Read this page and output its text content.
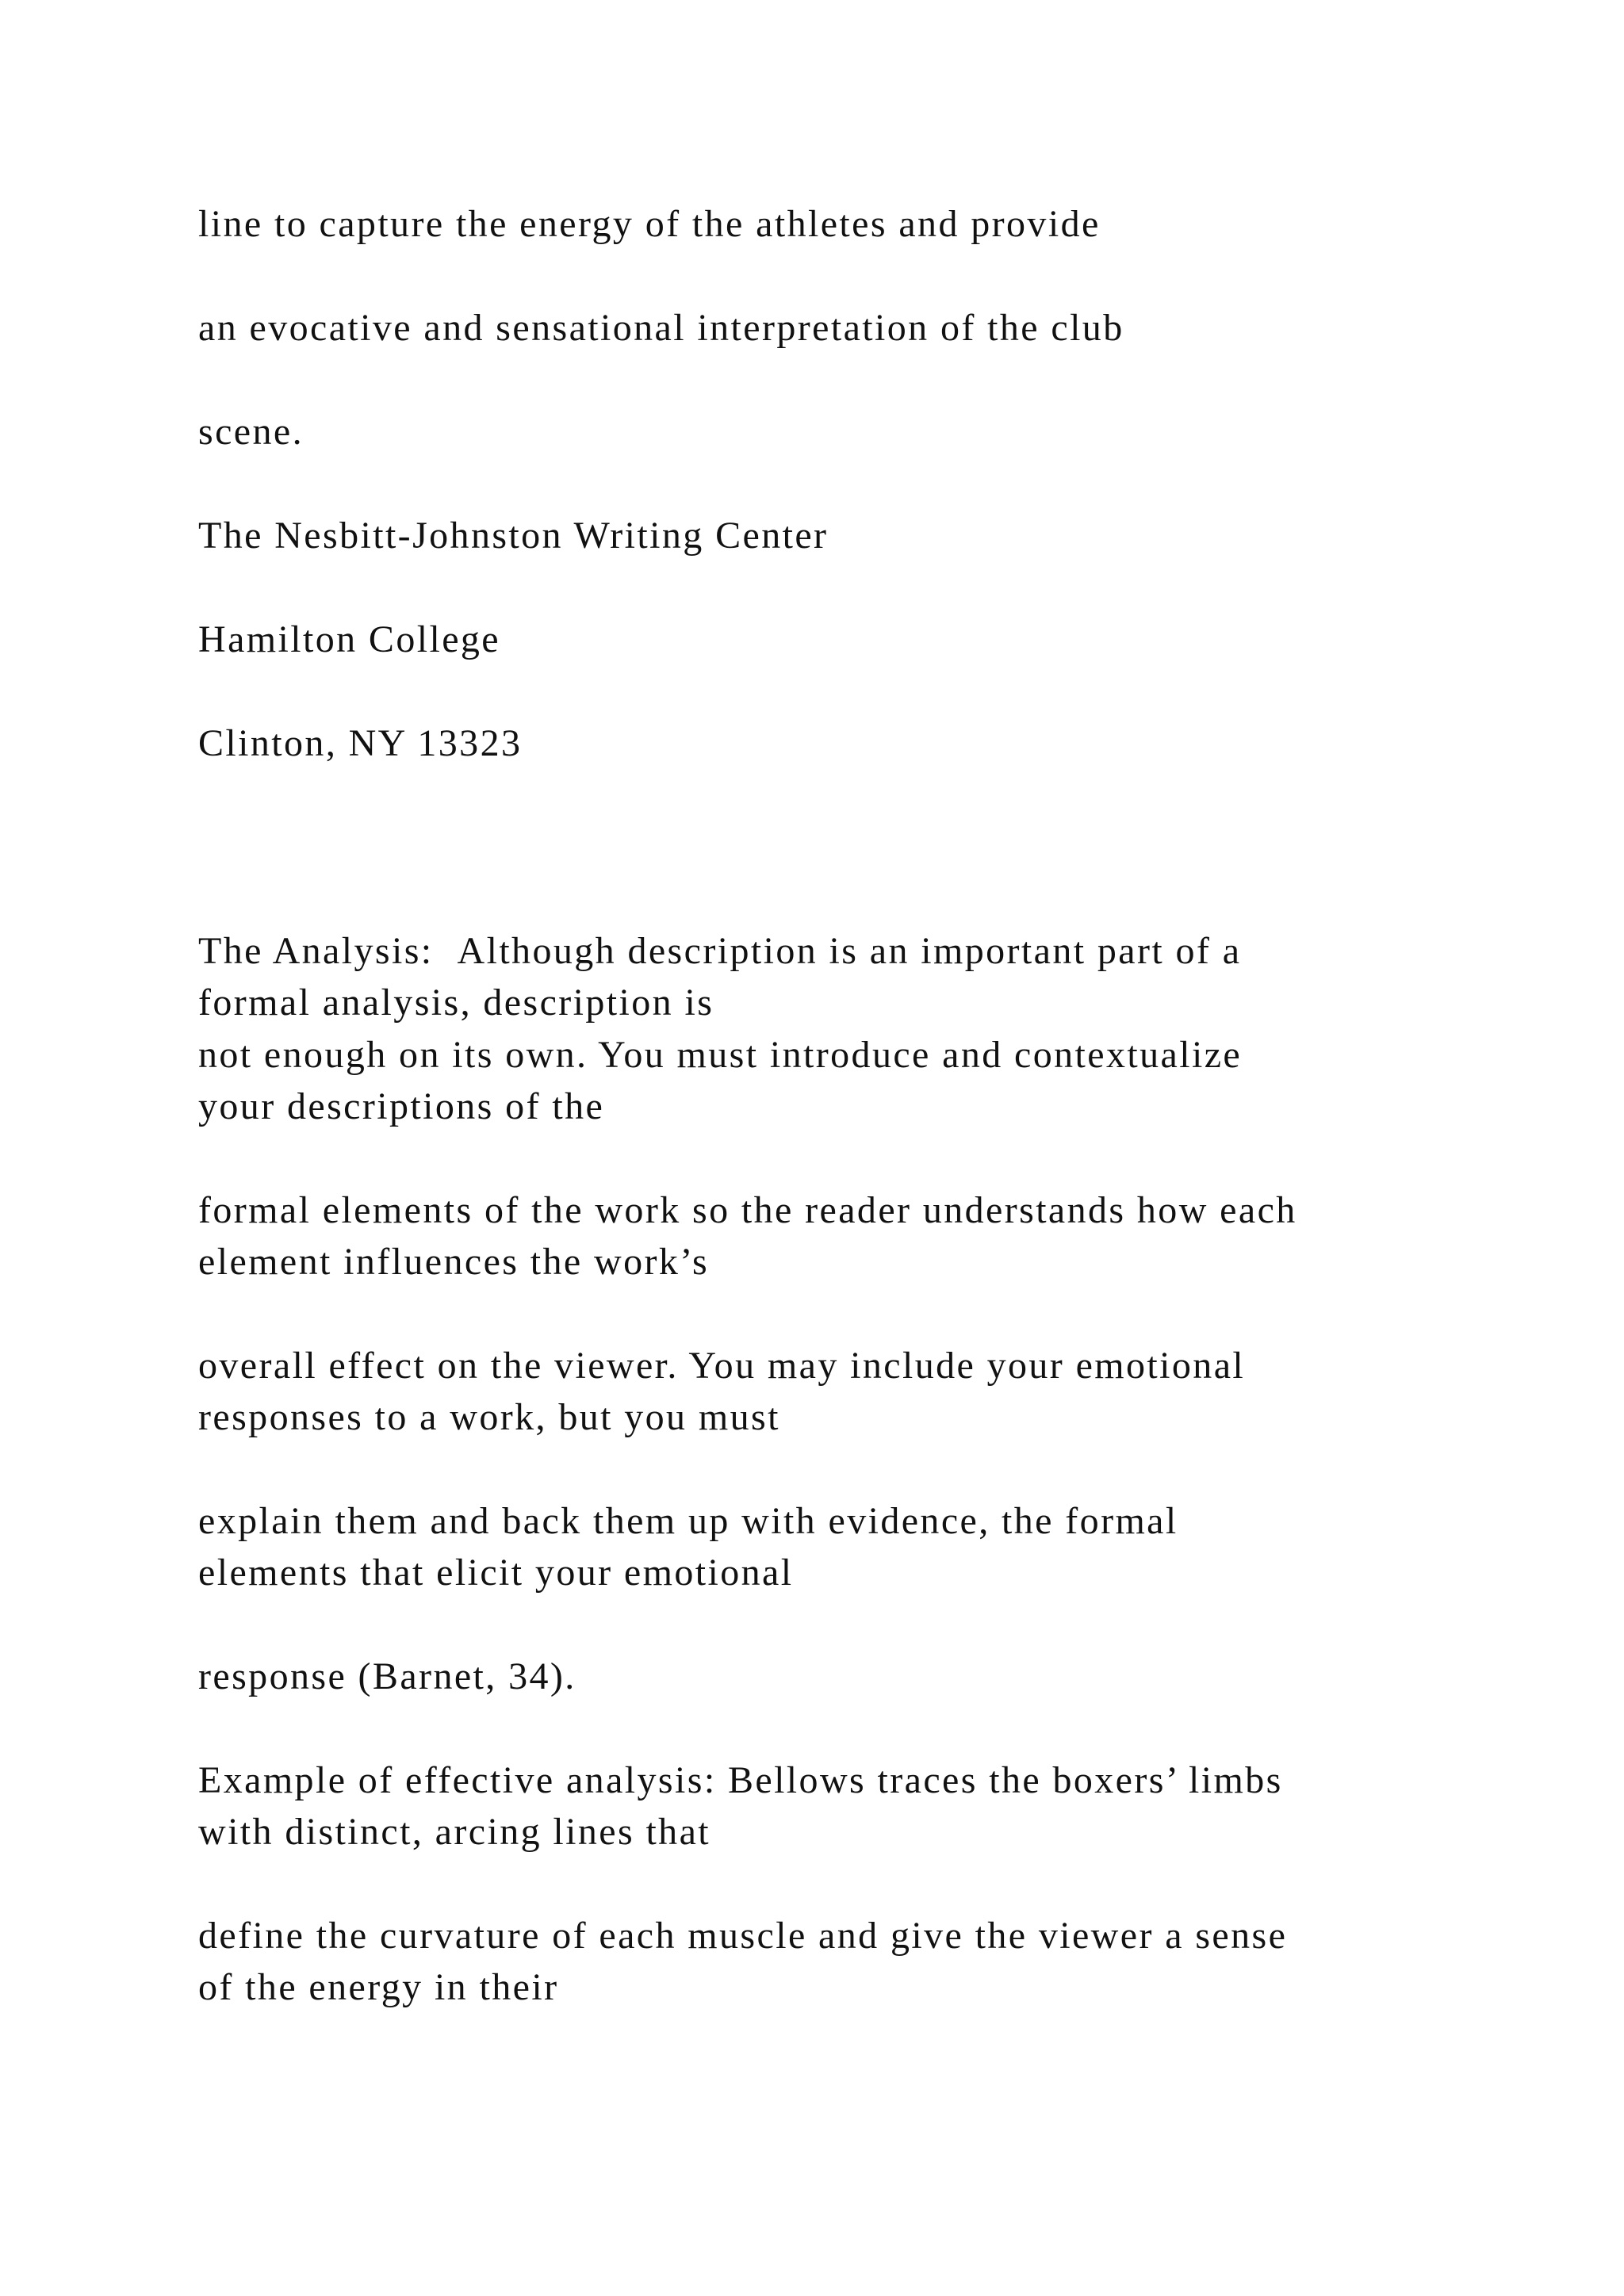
line to capture the energy of the athletes and provide

an evocative and sensational interpretation of the club

scene.

The Nesbitt-Johnston Writing Center

Hamilton College

Clinton, NY 13323

The Analysis: Although description is an important part of a
formal analysis, description is
not enough on its own. You must introduce and contextualize
your descriptions of the
formal elements of the work so the reader understands how each
element influences the work’s
overall effect on the viewer. You may include your emotional
responses to a work, but you must
explain them and back them up with evidence, the formal
elements that elicit your emotional

response (Barnet, 34).

Example of effective analysis: Bellows traces the boxers’ limbs
with distinct, arcing lines that
define the curvature of each muscle and give the viewer a sense
of the energy in their
